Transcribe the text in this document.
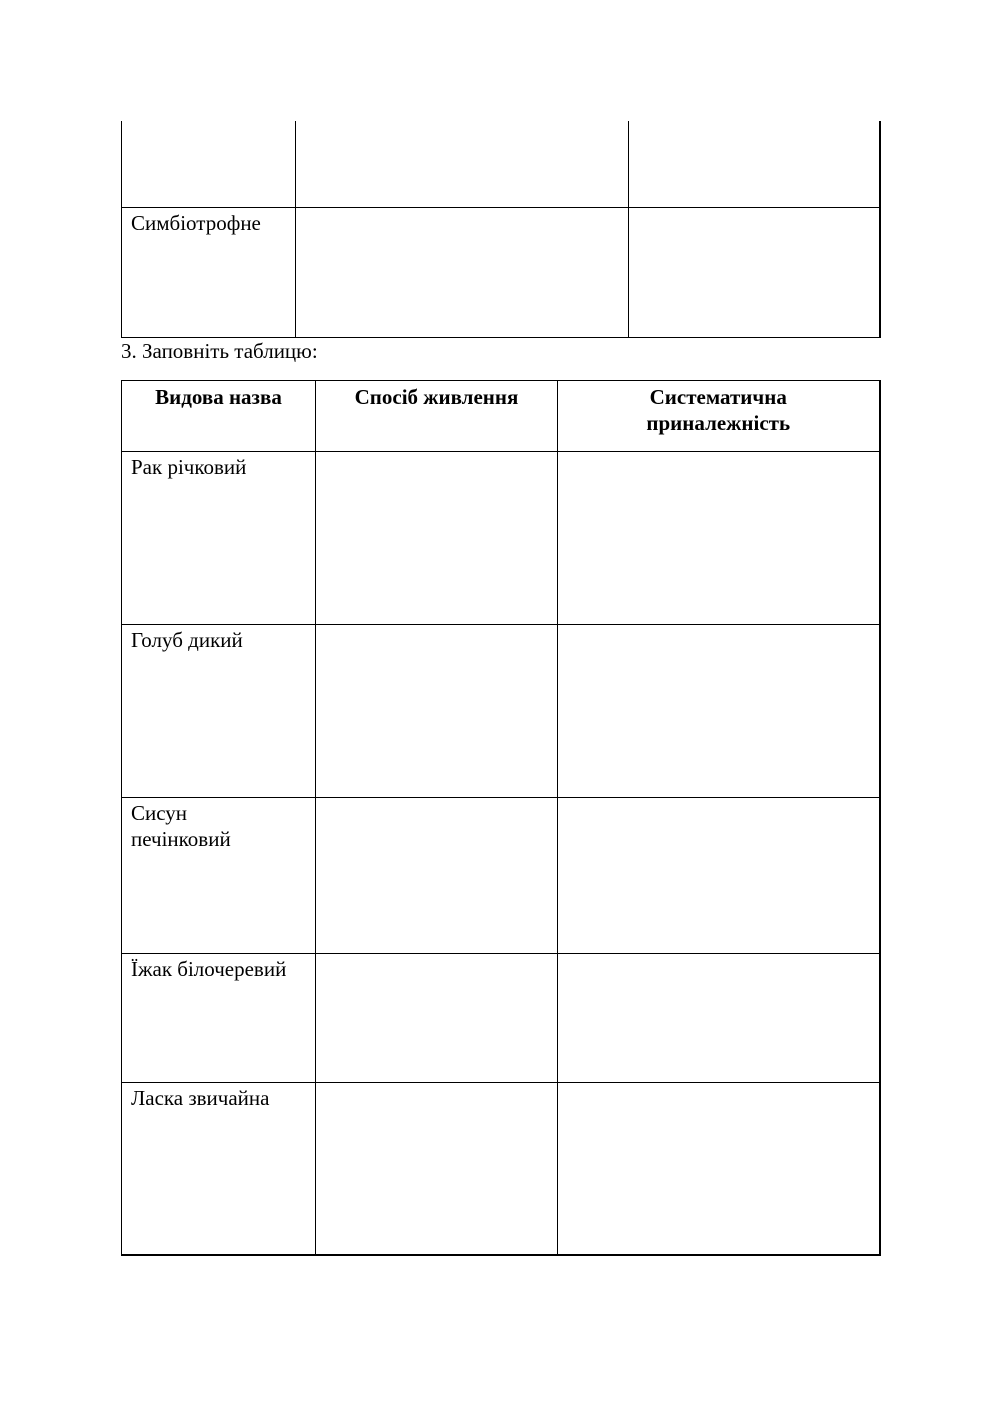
Симбіотрофне		

3. Заповніть таблицю:
Видова назва	Спосіб живлення	Систематична приналежність

Рак річковий		

Голуб дикий		

Сисун печінковий		

Їжак білочеревий		

Ласка звичайна		
